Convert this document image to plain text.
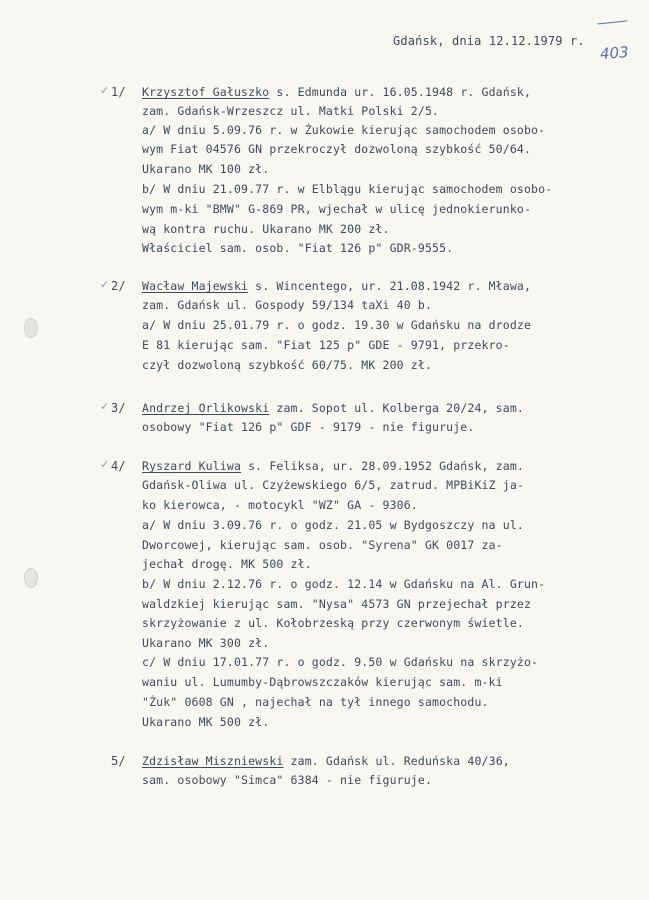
Gdańsk, dnia 12.12.1979 r.
403
✓ 1/ Krzysztof Gałuszko s. Edmunda ur. 16.05.1948 r. Gdańsk,
zam. Gdańsk-Wrzeszcz ul. Matki Polski 2/5.
a/ W dniu 5.09.76 r. w Żukowie kierując samochodem osobo-
wym Fiat 04576 GN przekroczył dozwoloną szybkość 50/64.
Ukarano MK 100 zł.
b/ W dniu 21.09.77 r. w Elblągu kierując samochodem osobo-
wym m-ki "BMW" G-869 PR, wjechał w ulicę jednokierunko-
wą kontra ruchu. Ukarano MK 200 zł.
Właściciel sam. osob. "Fiat 126 p" GDR-9555.
✓ 2/ Wacław Majewski s. Wincentego, ur. 21.08.1942 r. Mława,
zam. Gdańsk ul. Gospody 59/134 taXi 40 b.
a/ W dniu 25.01.79 r. o godz. 19.30 w Gdańsku na drodze
E 81 kierując sam. "Fiat 125 p" GDE - 9791, przekro-
czył dozwoloną szybkość 60/75. MK 200 zł.
✓ 3/ Andrzej Orlikowski zam. Sopot ul. Kolberga 20/24, sam.
osobowy "Fiat 126 p" GDF - 9179 - nie figuruje.
✓ 4/ Ryszard Kuliwa s. Feliksa, ur. 28.09.1952 Gdańsk, zam.
Gdańsk-Oliwa ul. Czyżewskiego 6/5, zatrud. MPBiKiZ ja-
ko kierowca, - motocykl "WZ" GA - 9306.
a/ W dniu 3.09.76 r. o godz. 21.05 w Bydgoszczy na ul.
Dworcowej, kierując sam. osob. "Syrena" GK 0017 za-
jechał drogę. MK 500 zł.
b/ W dniu 2.12.76 r. o godz. 12.14 w Gdańsku na Al. Grun-
waldzkiej kierując sam. "Nysa" 4573 GN przejechał przez
skrzyżowanie z ul. Kołobrzeską przy czerwonym świetle.
Ukarano MK 300 zł.
c/ W dniu 17.01.77 r. o godz. 9.50 w Gdańsku na skrzyżo-
waniu ul. Lumumby-Dąbrowszczaków kierując sam. m-ki
"Żuk" 0608 GN , najechał na tył innego samochodu.
Ukarano MK 500 zł.
5/ Zdzisław Miszniewski zam. Gdańsk ul. Reduńska 40/36,
sam. osobowy "Simca" 6384 - nie figuruje.
